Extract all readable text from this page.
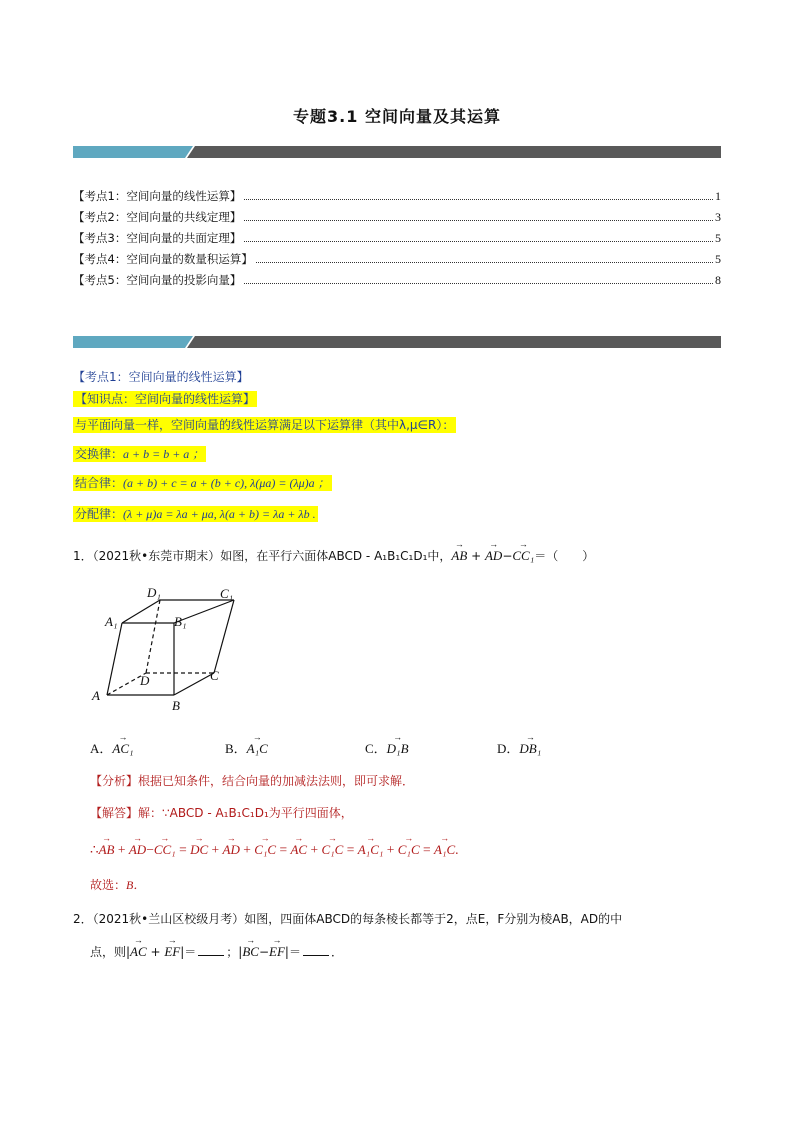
专题3.1 空间向量及其运算
【考点1：空间向量的线性运算】	1
【考点2：空间向量的共线定理】	3
【考点3：空间向量的共面定理】	5
【考点4：空间向量的数量积运算】	5
【考点5：空间向量的投影向量】	8
【考点1：空间向量的线性运算】
【知识点：空间向量的线性运算】
与平面向量一样，空间向量的线性运算满足以下运算律（其中λ,μ∈R）：
交换律：a + b = b + a ；
结合律：(a + b) + c = a + (b + c), λ(μa) = (λμ)a ；
分配律：(λ + μ)a = λa + μa, λ(a + b) = λa + λb .
1．（2021秋•东莞市期末）如图，在平行六面体ABCD - A₁B₁C₁D₁中，→ AB + → AD−→ CC₁＝（　　）
A
B
C
D
A₁	B₁
C₁
D₁
A．→ AC₁	B．→ A₁C	C．→ D₁B	D．→ DB₁
【分析】根据已知条件，结合向量的加减法法则，即可求解．
【解答】解：∵ABCD - A₁B₁C₁D₁为平行四面体，
∴→ AB + → AD−→ CC₁ = → DC + → AD + → C₁C = → AC + → C₁C = → A₁C₁ + → C₁C = → A₁C.
故选：B．
2．（2021秋•兰山区校级月考）如图，四面体ABCD的每条棱长都等于2，点E，F分别为棱AB，AD的中
点，则|→ AC + → EF|＝	；|→ BC−→ EF|＝	．
